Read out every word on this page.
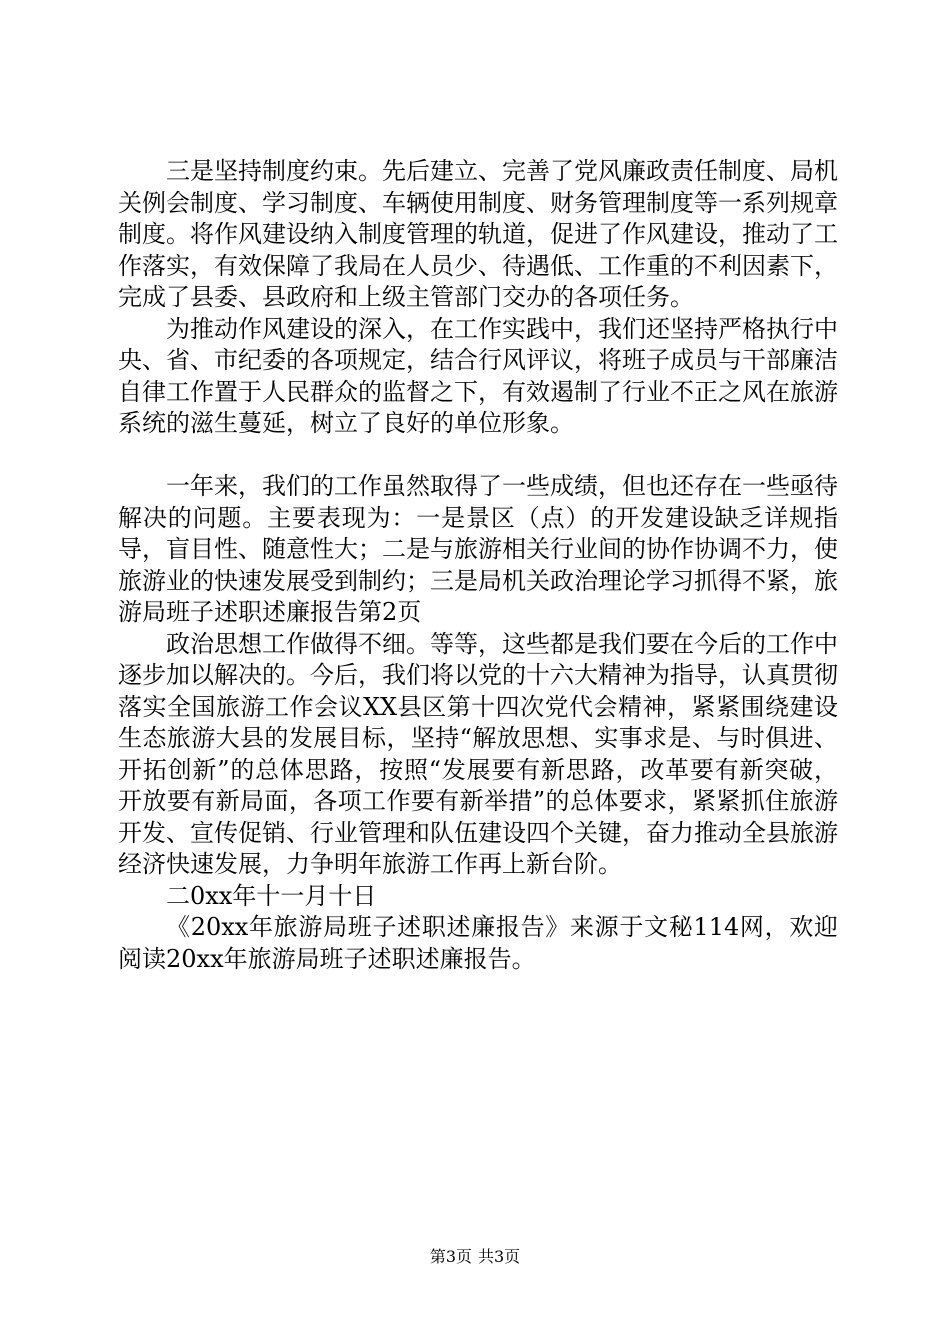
三是坚持制度约束。先后建立、完善了党风廉政责任制度、局机关例会制度、学习制度、车辆使用制度、财务管理制度等一系列规章制度。将作风建设纳入制度管理的轨道，促进了作风建设，推动了工作落实，有效保障了我局在人员少、待遇低、工作重的不利因素下，完成了县委、县政府和上级主管部门交办的各项任务。

为推动作风建设的深入，在工作实践中，我们还坚持严格执行中央、省、市纪委的各项规定，结合行风评议，将班子成员与干部廉洁自律工作置于人民群众的监督之下，有效遏制了行业不正之风在旅游系统的滋生蔓延，树立了良好的单位形象。

一年来，我们的工作虽然取得了一些成绩，但也还存在一些亟待解决的问题。主要表现为：一是景区（点）的开发建设缺乏详规指导，盲目性、随意性大；二是与旅游相关行业间的协作协调不力，使旅游业的快速发展受到制约；三是局机关政治理论学习抓得不紧，旅游局班子述职述廉报告第2页

政治思想工作做得不细。等等，这些都是我们要在今后的工作中逐步加以解决的。今后，我们将以党的十六大精神为指导，认真贯彻落实全国旅游工作会议XX县区第十四次党代会精神，紧紧围绕建设生态旅游大县的发展目标，坚持“解放思想、实事求是、与时俱进、开拓创新”的总体思路，按照“发展要有新思路，改革要有新突破，开放要有新局面，各项工作要有新举措”的总体要求，紧紧抓住旅游开发、宣传促销、行业管理和队伍建设四个关键，奋力推动全县旅游经济快速发展，力争明年旅游工作再上新台阶。

二0xx年十一月十日

《20xx年旅游局班子述职述廉报告》来源于文秘114网，欢迎阅读20xx年旅游局班子述职述廉报告。

第3页 共3页
